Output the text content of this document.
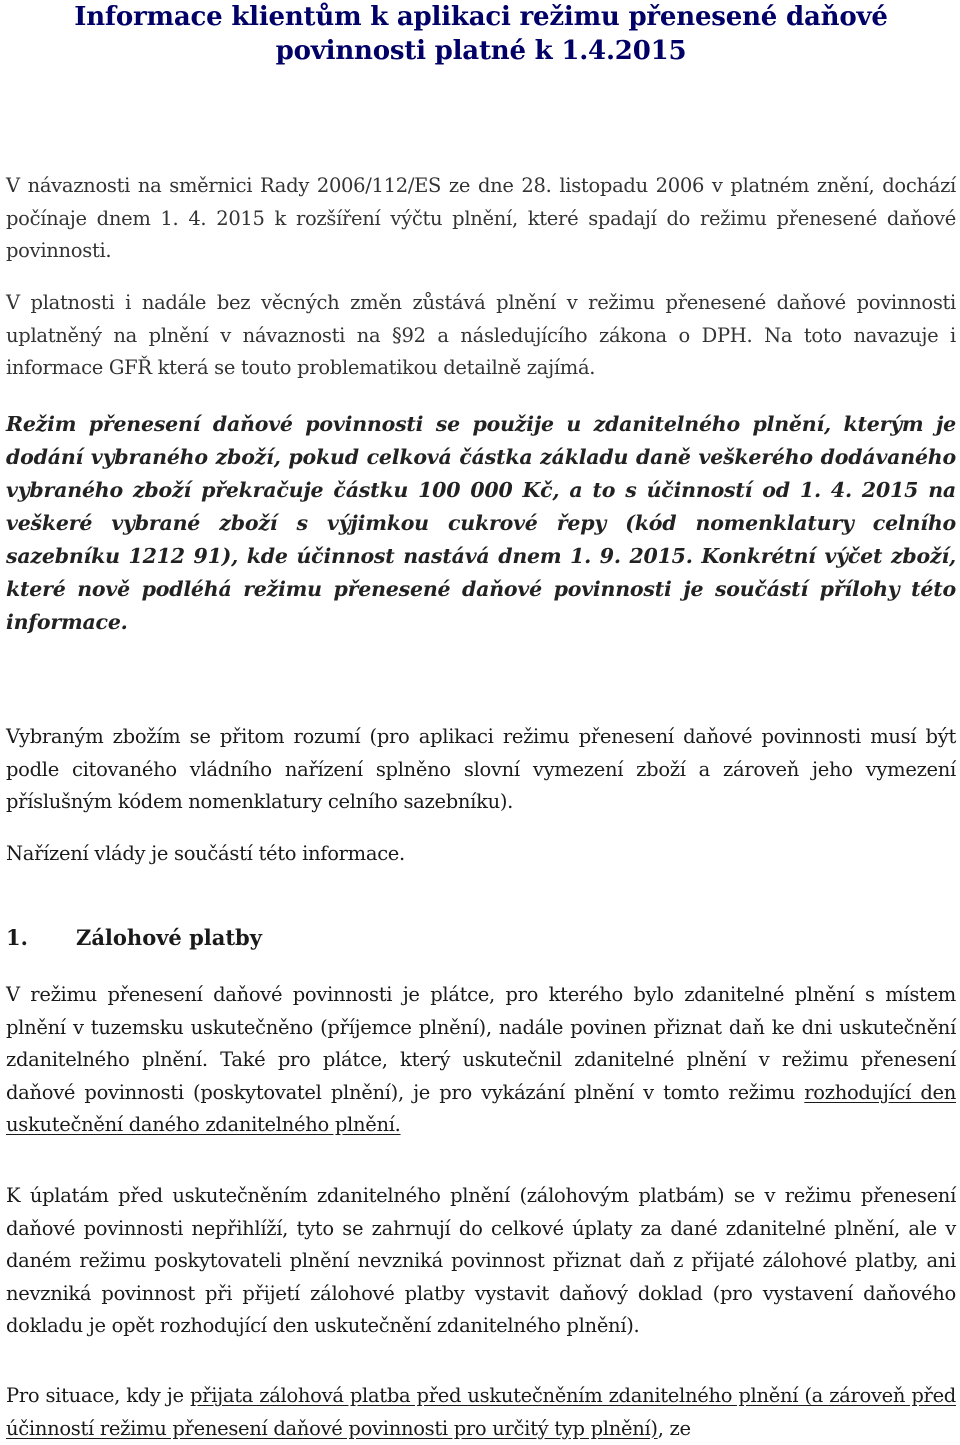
Informace klientům k aplikaci režimu přenesené daňové povinnosti platné k 1.4.2015

V návaznosti na směrnici Rady 2006/112/ES ze dne 28. listopadu 2006 v platném znění, dochází počínaje dnem 1. 4. 2015 k rozšíření výčtu plnění, které spadají do režimu přenesené daňové povinnosti.

V platnosti i nadále bez věcných změn zůstává plnění v režimu přenesené daňové povinnosti uplatněný na plnění v návaznosti na §92 a následujícího zákona o DPH. Na toto navazuje i informace GFŘ která se touto problematikou detailně zajímá.

Režim přenesení daňové povinnosti se použije u zdanitelného plnění, kterým je dodání vybraného zboží, pokud celková částka základu daně veškerého dodávaného vybraného zboží překračuje částku 100 000 Kč, a to s účinností od 1. 4. 2015 na veškeré vybrané zboží s výjimkou cukrové řepy (kód nomenklatury celního sazebníku 1212 91), kde účinnost nastává dnem 1. 9. 2015. Konkrétní výčet zboží, které nově podléhá režimu přenesené daňové povinnosti je součástí přílohy této informace.

Vybraným zbožím se přitom rozumí (pro aplikaci režimu přenesení daňové povinnosti musí být podle citovaného vládního nařízení splněno slovní vymezení zboží a zároveň jeho vymezení příslušným kódem nomenklatury celního sazebníku).

Nařízení vlády je součástí této informace.

1. Zálohové platby

V režimu přenesení daňové povinnosti je plátce, pro kterého bylo zdanitelné plnění s místem plnění v tuzemsku uskutečněno (příjemce plnění), nadále povinen přiznat daň ke dni uskutečnění zdanitelného plnění. Také pro plátce, který uskutečnil zdanitelné plnění v režimu přenesení daňové povinnosti (poskytovatel plnění), je pro vykázání plnění v tomto režimu rozhodující den uskutečnění daného zdanitelného plnění.

K úplatám před uskutečněním zdanitelného plnění (zálohovým platbám) se v režimu přenesení daňové povinnosti nepřihlíží, tyto se zahrnují do celkové úplaty za dané zdanitelné plnění, ale v daném režimu poskytovateli plnění nevzniká povinnost přiznat daň z přijaté zálohové platby, ani nevzniká povinnost při přijetí zálohové platby vystavit daňový doklad (pro vystavení daňového dokladu je opět rozhodující den uskutečnění zdanitelného plnění).

Pro situace, kdy je přijata zálohová platba před uskutečněním zdanitelného plnění (a zároveň před účinností režimu přenesení daňové povinnosti pro určitý typ plnění), ze
